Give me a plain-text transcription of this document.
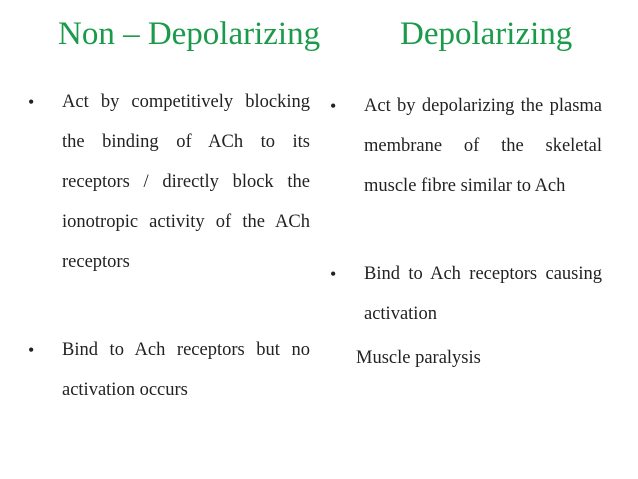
Non – Depolarizing Depolarizing
• Act by competitively blocking the binding of ACh to its receptors / directly block the ionotropic activity of the ACh receptors
• Bind to Ach receptors but no activation occurs
• Act by depolarizing the plasma membrane of the skeletal muscle fibre similar to Ach
• Bind to Ach receptors causing activation
Muscle paralysis
